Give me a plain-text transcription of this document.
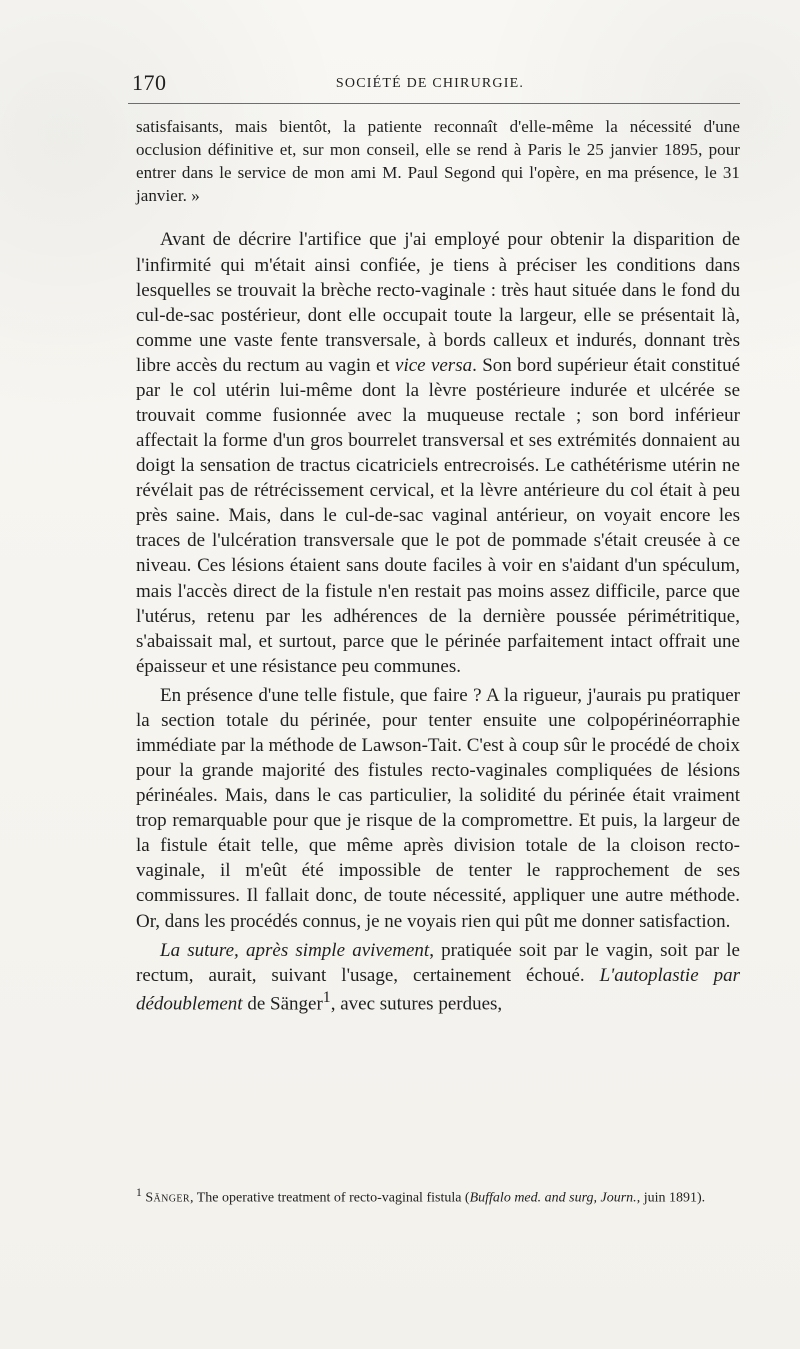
170	SOCIÉTÉ DE CHIRURGIE.

satisfaisants, mais bientôt, la patiente reconnaît d'elle-même la nécessité d'une occlusion définitive et, sur mon conseil, elle se rend à Paris le 25 janvier 1895, pour entrer dans le service de mon ami M. Paul Segond qui l'opère, en ma présence, le 31 janvier. »

Avant de décrire l'artifice que j'ai employé pour obtenir la disparition de l'infirmité qui m'était ainsi confiée, je tiens à préciser les conditions dans lesquelles se trouvait la brèche recto-vaginale : très haut située dans le fond du cul-de-sac postérieur, dont elle occupait toute la largeur, elle se présentait là, comme une vaste fente transversale, à bords calleux et indurés, donnant très libre accès du rectum au vagin et vice versa. Son bord supérieur était constitué par le col utérin lui-même dont la lèvre postérieure indurée et ulcérée se trouvait comme fusionnée avec la muqueuse rectale ; son bord inférieur affectait la forme d'un gros bourrelet transversal et ses extrémités donnaient au doigt la sensation de tractus cicatriciels entrecroisés. Le cathétérisme utérin ne révélait pas de rétrécissement cervical, et la lèvre antérieure du col était à peu près saine. Mais, dans le cul-de-sac vaginal antérieur, on voyait encore les traces de l'ulcération transversale que le pot de pommade s'était creusée à ce niveau. Ces lésions étaient sans doute faciles à voir en s'aidant d'un spéculum, mais l'accès direct de la fistule n'en restait pas moins assez difficile, parce que l'utérus, retenu par les adhérences de la dernière poussée périmétritique, s'abaissait mal, et surtout, parce que le périnée parfaitement intact offrait une épaisseur et une résistance peu communes.

En présence d'une telle fistule, que faire ? A la rigueur, j'aurais pu pratiquer la section totale du périnée, pour tenter ensuite une colpopérinéorraphie immédiate par la méthode de Lawson-Tait. C'est à coup sûr le procédé de choix pour la grande majorité des fistules recto-vaginales compliquées de lésions périnéales. Mais, dans le cas particulier, la solidité du périnée était vraiment trop remarquable pour que je risque de la compromettre. Et puis, la largeur de la fistule était telle, que même après division totale de la cloison recto-vaginale, il m'eût été impossible de tenter le rapprochement de ses commissures. Il fallait donc, de toute nécessité, appliquer une autre méthode. Or, dans les procédés connus, je ne voyais rien qui pût me donner satisfaction.

La suture, après simple avivement, pratiquée soit par le vagin, soit par le rectum, aurait, suivant l'usage, certainement échoué. L'autoplastie par dédoublement de Sänger$^1$, avec sutures perdues,

$^1$ Sänger, The operative treatment of recto-vaginal fistula (Buffalo med. and surg, Journ., juin 1891).
